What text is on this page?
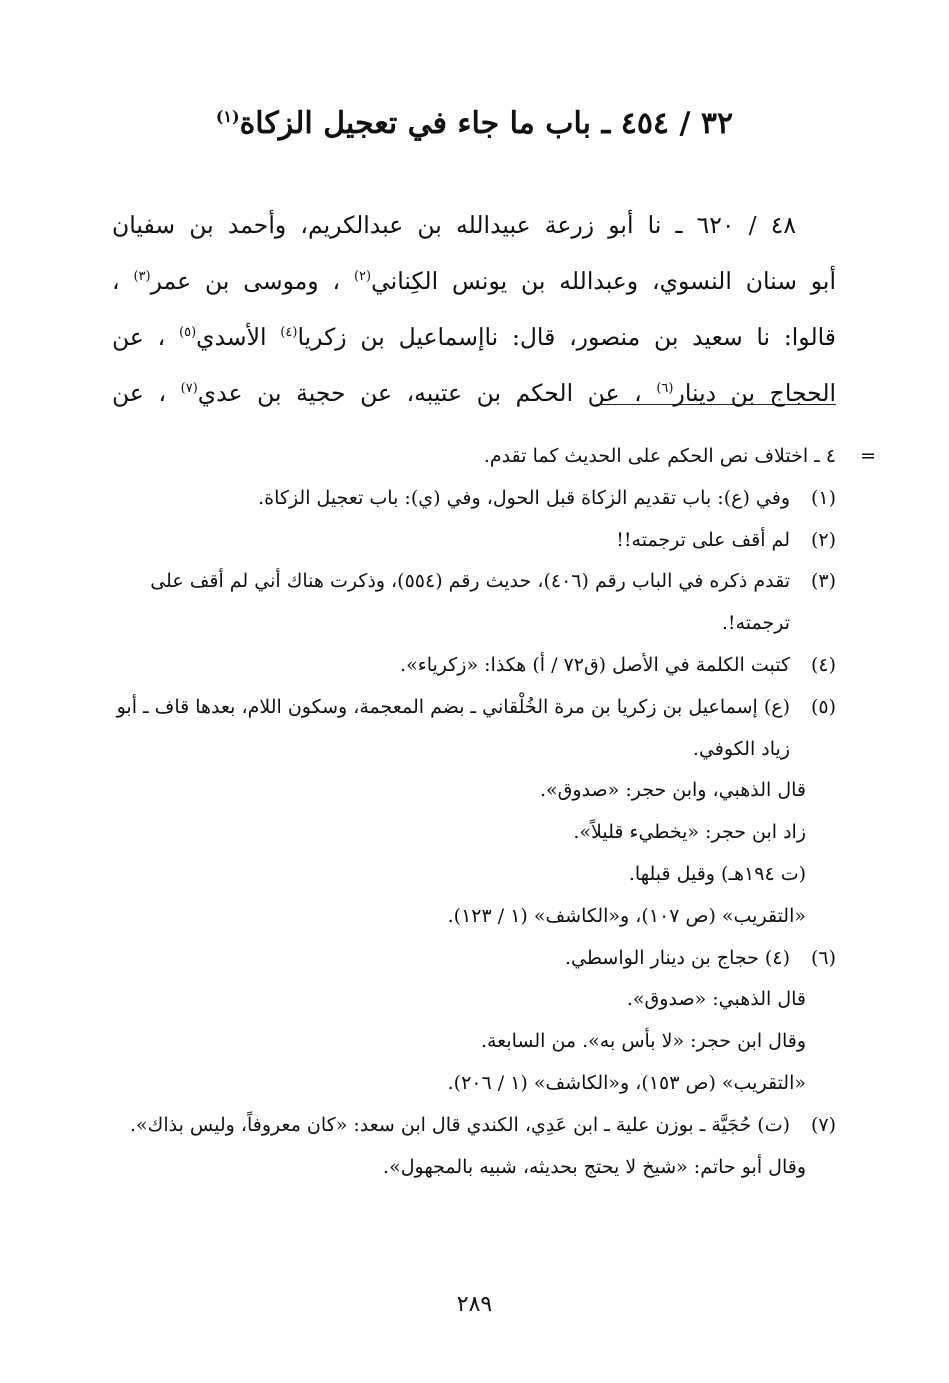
٣٢ / ٤٥٤ ـ باب ما جاء في تعجيل الزكاة$^{(١)}$
٤٨ / ٦٢٠ ـ نا أبو زرعة عبيدالله بن عبدالكريم، وأحمد بن سفيان
أبو سنان النسوي، وعبدالله بن يونس الكِناني$^{(٢)}$ ، وموسى بن عمر$^{(٣)}$ ،
قالوا: نا سعيد بن منصور، قال: ناإسماعيل بن زكريا$^{(٤)}$ الأسدي$^{(٥)}$ ، عن
الحجاج بن دينار$^{(٦)}$ ، عن الحكم بن عتيبه، عن حجية بن عدي$^{(٧)}$ ، عن
=
٤ ـ اختلاف نص الحكم على الحديث كما تقدم.
(١)وفي (ع): باب تقديم الزكاة قبل الحول، وفي (ي): باب تعجيل الزكاة.
(٢)لم أقف على ترجمته!!
(٣)تقدم ذكره في الباب رقم (٤٠٦)، حديث رقم (٥٥٤)، وذكرت هناك أني لم أقف على ترجمته!.
(٤)كتبت الكلمة في الأصل (ق٧٢ / أ) هكذا: «زكرياء».
(٥)(ع) إسماعيل بن زكريا بن مرة الخُلْقاني ـ بضم المعجمة، وسكون اللام، بعدها قاف ـ أبو زياد الكوفي.
قال الذهبي، وابن حجر: «صدوق».
زاد ابن حجر: «يخطيء قليلاً».
(ت ١٩٤هـ) وقيل قبلها.
«التقريب» (ص ١٠٧)، و«الكاشف» (١ / ١٢٣).
(٦)(٤) حجاج بن دينار الواسطي.
قال الذهبي: «صدوق».
وقال ابن حجر: «لا بأس به». من السابعة.
«التقريب» (ص ١٥٣)، و«الكاشف» (١ / ٢٠٦).
(٧)(ت) حُجَيَّة ـ بوزن علية ـ ابن عَدِي، الكندي قال ابن سعد: «كان معروفاً، وليس بذاك».
وقال أبو حاتم: «شيخ لا يحتج بحديثه، شبيه بالمجهول».
٢٨٩
